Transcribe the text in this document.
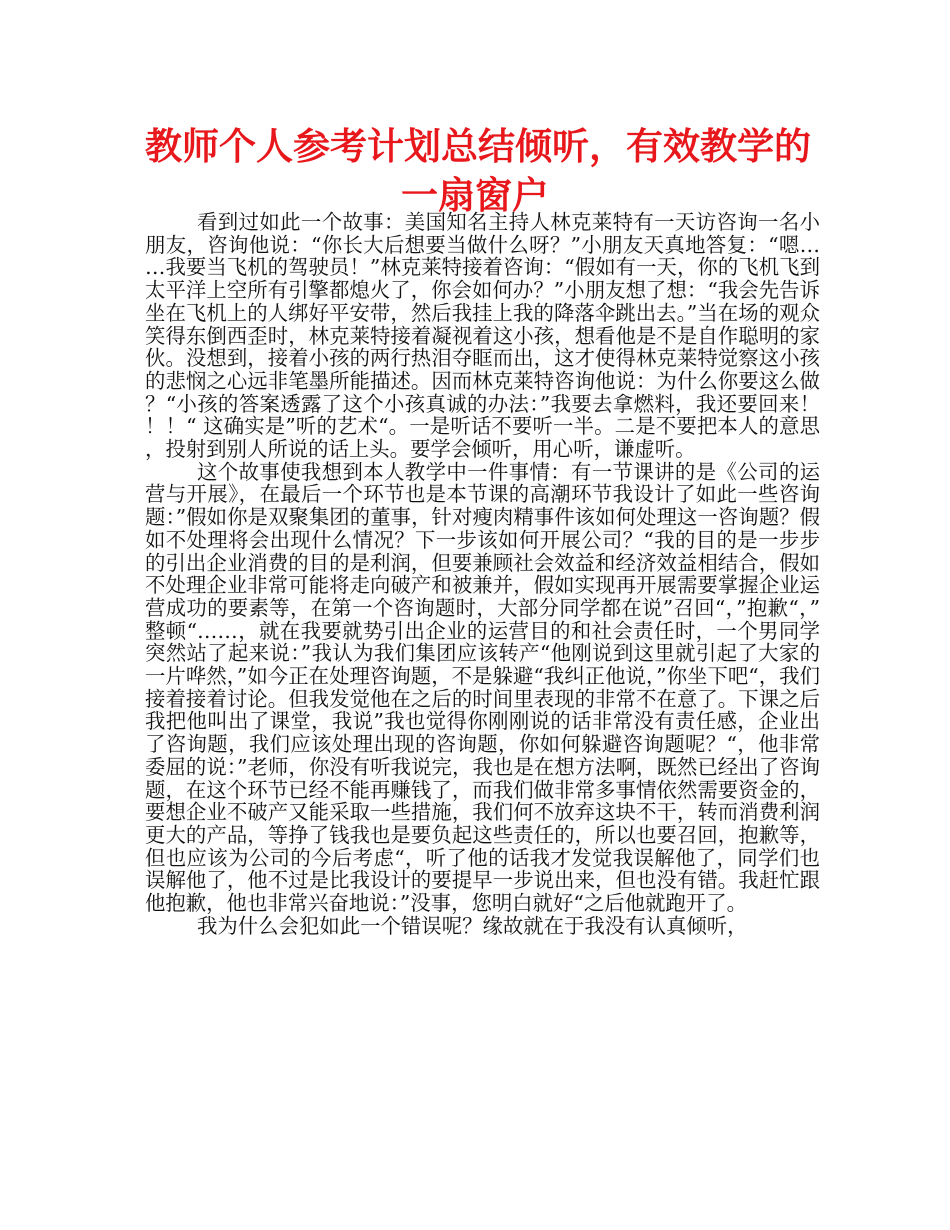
教师个人参考计划总结倾听，有效教学的
一扇窗户

看到过如此一个故事：美国知名主持人林克莱特有一天访咨询一名小朋友，咨询他说：“你长大后想要当做什么呀？”小朋友天真地答复：“嗯……我要当飞机的驾驶员！”林克莱特接着咨询：“假如有一天，你的飞机飞到太平洋上空所有引擎都熄火了，你会如何办？”小朋友想了想：“我会先告诉坐在飞机上的人绑好平安带，然后我挂上我的降落伞跳出去。”当在场的观众笑得东倒西歪时，林克莱特接着凝视着这小孩，想看他是不是自作聪明的家伙。没想到，接着小孩的两行热泪夺眶而出，这才使得林克莱特觉察这小孩的悲悯之心远非笔墨所能描述。因而林克莱特咨询他说：为什么你要这么做？“小孩的答案透露了这个小孩真诚的办法：”我要去拿燃料，我还要回来！！！“ 这确实是”听的艺术“。一是听话不要听一半。二是不要把本人的意思，投射到别人所说的话上头。要学会倾听，用心听，谦虚听。

这个故事使我想到本人教学中一件事情：有一节课讲的是《公司的运营与开展》，在最后一个环节也是本节课的高潮环节我设计了如此一些咨询题：”假如你是双聚集团的董事，针对瘦肉精事件该如何处理这一咨询题？假如不处理将会出现什么情况？下一步该如何开展公司？“我的目的是一步步的引出企业消费的目的是利润，但要兼顾社会效益和经济效益相结合，假如不处理企业非常可能将走向破产和被兼并，假如实现再开展需要掌握企业运营成功的要素等，在第一个咨询题时，大部分同学都在说”召回“，”抱歉“，”整顿“……，就在我要就势引出企业的运营目的和社会责任时，一个男同学突然站了起来说：”我认为我们集团应该转产“他刚说到这里就引起了大家的一片哗然，”如今正在处理咨询题，不是躲避“我纠正他说，”你坐下吧“，我们接着接着讨论。但我发觉他在之后的时间里表现的非常不在意了。下课之后我把他叫出了课堂，我说”我也觉得你刚刚说的话非常没有责任感，企业出了咨询题，我们应该处理出现的咨询题，你如何躲避咨询题呢？“，他非常委屈的说：”老师，你没有听我说完，我也是在想方法啊，既然已经出了咨询题，在这个环节已经不能再赚钱了，而我们做非常多事情依然需要资金的，要想企业不破产又能采取一些措施，我们何不放弃这块不干，转而消费利润更大的产品，等挣了钱我也是要负起这些责任的，所以也要召回，抱歉等，但也应该为公司的今后考虑“，听了他的话我才发觉我误解他了，同学们也误解他了，他不过是比我设计的要提早一步说出来，但也没有错。我赶忙跟他抱歉，他也非常兴奋地说：”没事，您明白就好“之后他就跑开了。

我为什么会犯如此一个错误呢？缘故就在于我没有认真倾听，
